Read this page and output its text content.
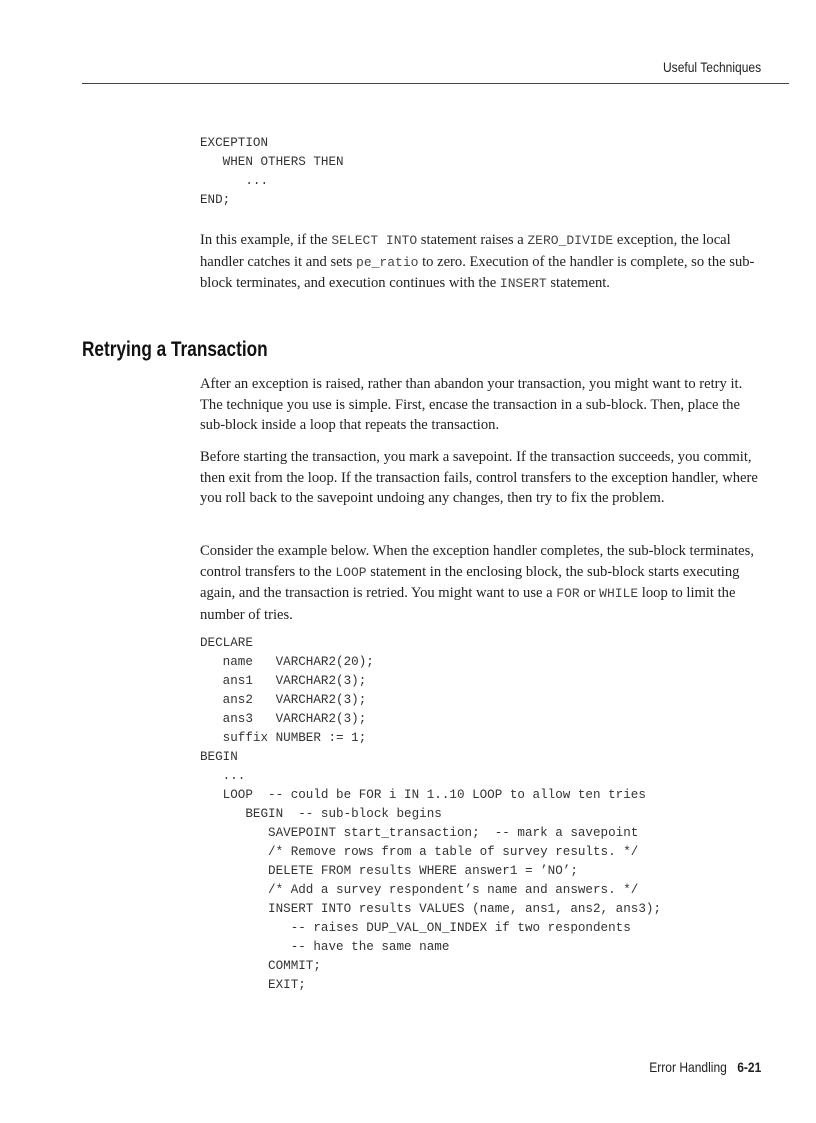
Useful Techniques
EXCEPTION
WHEN OTHERS THEN
...
END;

In this example, if the SELECT INTO statement raises a ZERO_DIVIDE exception, the local handler catches it and sets pe_ratio to zero. Execution of the handler is complete, so the sub-block terminates, and execution continues with the INSERT statement.

Retrying a Transaction

After an exception is raised, rather than abandon your transaction, you might want to retry it. The technique you use is simple. First, encase the transaction in a sub-block. Then, place the sub-block inside a loop that repeats the transaction.

Before starting the transaction, you mark a savepoint. If the transaction succeeds, you commit, then exit from the loop. If the transaction fails, control transfers to the exception handler, where you roll back to the savepoint undoing any changes, then try to fix the problem.

Consider the example below. When the exception handler completes, the sub-block terminates, control transfers to the LOOP statement in the enclosing block, the sub-block starts executing again, and the transaction is retried. You might want to use a FOR or WHILE loop to limit the number of tries.

DECLARE
name   VARCHAR2(20);
ans1   VARCHAR2(3);
ans2   VARCHAR2(3);
ans3   VARCHAR2(3);
suffix NUMBER := 1;
BEGIN
...
LOOP  -- could be FOR i IN 1..10 LOOP to allow ten tries
BEGIN  -- sub-block begins
SAVEPOINT start_transaction;  -- mark a savepoint
/* Remove rows from a table of survey results. */
DELETE FROM results WHERE answer1 = ’NO’;
/* Add a survey respondent’s name and answers. */
INSERT INTO results VALUES (name, ans1, ans2, ans3);
-- raises DUP_VAL_ON_INDEX if two respondents
-- have the same name
COMMIT;
EXIT;
Error Handling 6-21
